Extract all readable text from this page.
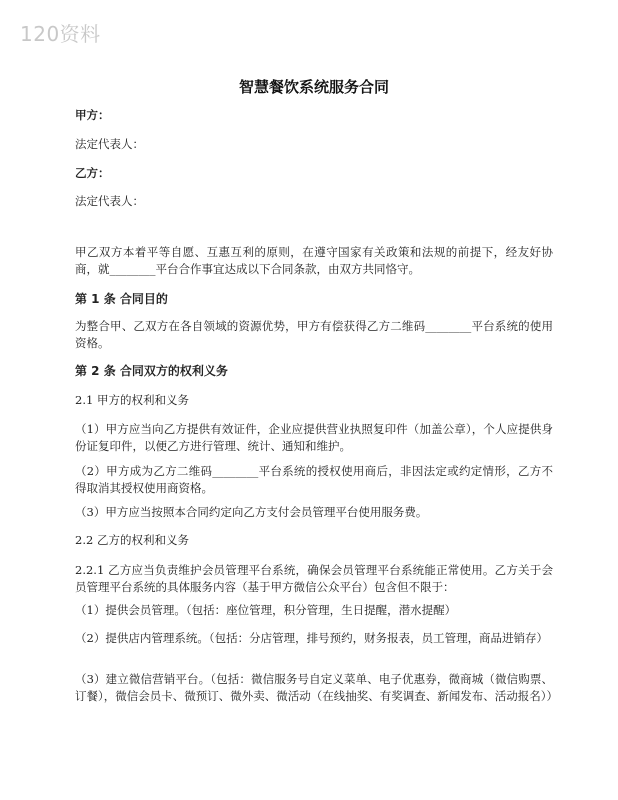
120资料
智慧餐饮系统服务合同
甲方：
法定代表人：
乙方：
法定代表人：
甲乙双方本着平等自愿、互惠互利的原则，在遵守国家有关政策和法规的前提下，经友好协商，就________平台合作事宜达成以下合同条款，由双方共同恪守。
第 1 条 合同目的
为整合甲、乙双方在各自领域的资源优势，甲方有偿获得乙方二维码________平台系统的使用资格。
第 2 条 合同双方的权利义务
2.1 甲方的权利和义务
（1）甲方应当向乙方提供有效证件，企业应提供营业执照复印件（加盖公章），个人应提供身份证复印件，以便乙方进行管理、统计、通知和维护。
（2）甲方成为乙方二维码________平台系统的授权使用商后，非因法定或约定情形，乙方不得取消其授权使用商资格。
（3）甲方应当按照本合同约定向乙方支付会员管理平台使用服务费。
2.2 乙方的权利和义务
2.2.1 乙方应当负责维护会员管理平台系统，确保会员管理平台系统能正常使用。乙方关于会员管理平台系统的具体服务内容（基于甲方微信公众平台）包含但不限于：
（1）提供会员管理。（包括：座位管理，积分管理，生日提醒，潜水提醒）
（2）提供店内管理系统。（包括：分店管理，排号预约，财务报表，员工管理，商品进销存）
（3）建立微信营销平台。（包括：微信服务号自定义菜单、电子优惠券，微商城（微信购票、订餐），微信会员卡、微预订、微外卖、微活动（在线抽奖、有奖调查、新闻发布、活动报名））
